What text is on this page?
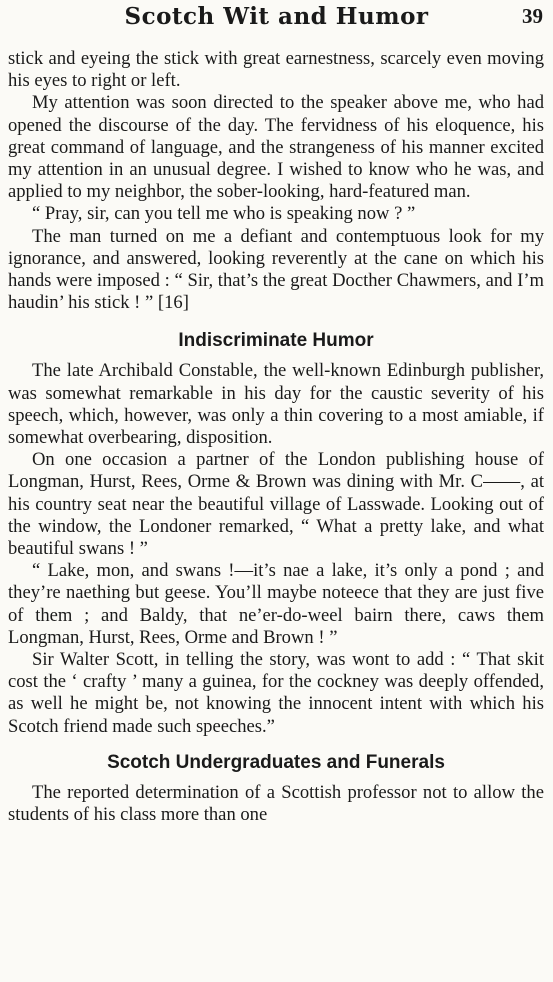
Scotch Wit and Humor	39

stick and eyeing the stick with great earnestness, scarcely even moving his eyes to right or left.

My attention was soon directed to the speaker above me, who had opened the discourse of the day. The fervidness of his eloquence, his great command of language, and the strangeness of his manner excited my attention in an unusual degree. I wished to know who he was, and applied to my neighbor, the sober-looking, hard-featured man.

“ Pray, sir, can you tell me who is speaking now ? ”

The man turned on me a defiant and contemptuous look for my ignorance, and answered, looking reverently at the cane on which his hands were imposed : “ Sir, that’s the great Docther Chawmers, and I’m haudin’ his stick ! ” [16]

Indiscriminate Humor

The late Archibald Constable, the well-known Edinburgh publisher, was somewhat remarkable in his day for the caustic severity of his speech, which, however, was only a thin covering to a most amiable, if somewhat overbearing, disposition.

On one occasion a partner of the London publishing house of Longman, Hurst, Rees, Orme & Brown was dining with Mr. C——, at his country seat near the beautiful village of Lasswade. Looking out of the window, the Londoner remarked, “ What a pretty lake, and what beautiful swans ! ”

“ Lake, mon, and swans !—it’s nae a lake, it’s only a pond ; and they’re naething but geese. You’ll maybe noteece that they are just five of them ; and Baldy, that ne’er-do-weel bairn there, caws them Longman, Hurst, Rees, Orme and Brown ! ”

Sir Walter Scott, in telling the story, was wont to add : “ That skit cost the ‘ crafty ’ many a guinea, for the cockney was deeply offended, as well he might be, not knowing the innocent intent with which his Scotch friend made such speeches.”

Scotch Undergraduates and Funerals

The reported determination of a Scottish professor not to allow the students of his class more than one
